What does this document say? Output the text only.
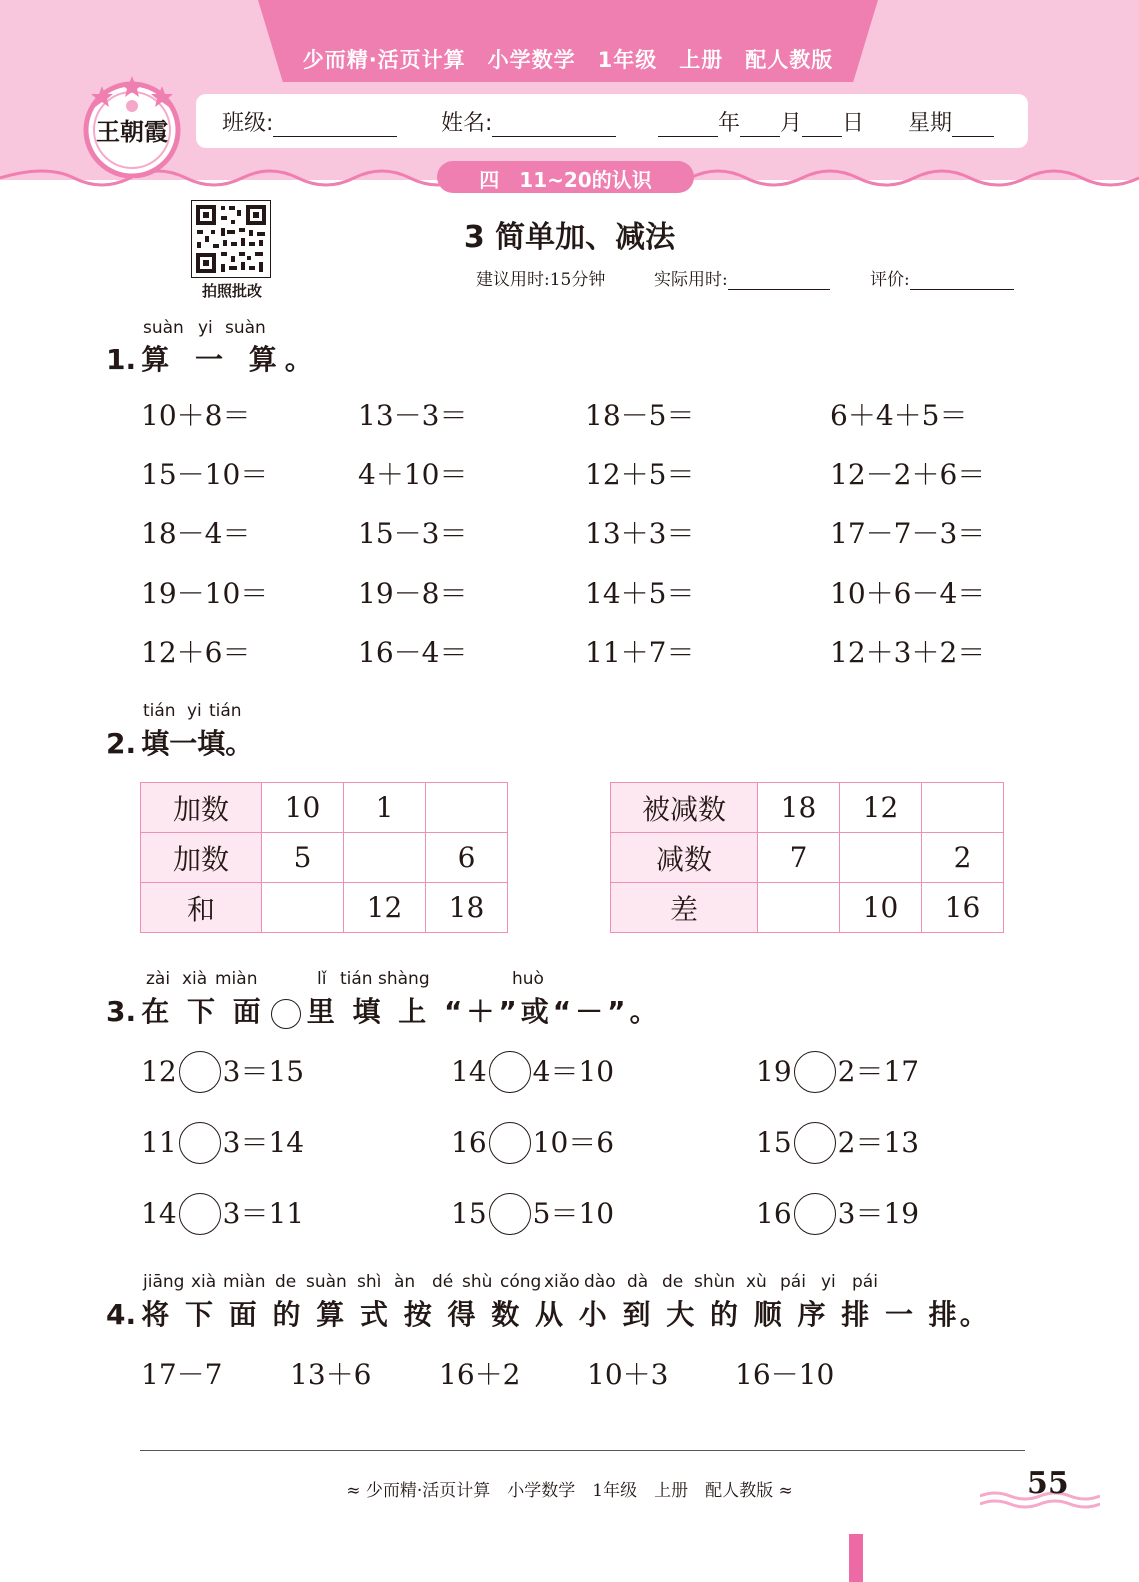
少而精·活页计算　小学数学　1年级　上册　配人教版
班级:	姓名:	年 月 日 星期
四　11~20的认识
王朝霞
拍照批改
3 简单加、减法
建议用时:15分钟	实际用时:	评价:
suàn yi suàn
1. 算 一 算。
10＋8＝	13－3＝	18－5＝	6＋4＋5＝
15－10＝	4＋10＝	12＋5＝	12－2＋6＝
18－4＝	15－3＝	13＋3＝	17－7－3＝
19－10＝	19－8＝	14＋5＝	10＋6－4＝
12＋6＝	16－4＝	11＋7＝	12＋3＋2＝
tián yi tián
2. 填一填。
加数	10	1	
加数	5		6
和		12	18
被减数	18	12	
减数	7		2
差		10	16
zài xià miàn	lǐ tián shàng	huò
3. 在 下 面 里 填 上 “＋”或“－”。
12 3＝15	14 4＝10	19 2＝17
11 3＝14	16 10＝6	15 2＝13
14 3＝11	15 5＝10	16 3＝19
jiāng xià miàn de suàn shì àn dé shù cóng xiǎo dào dà de shùn xù pái yi pái
4. 将 下 面 的 算 式 按 得 数 从 小 到 大 的 顺 序 排 一 排。
17－7 13＋6 16＋2 10＋3 16－10
≈ 少而精·活页计算　小学数学　1年级　上册　配人教版 ≈	55
